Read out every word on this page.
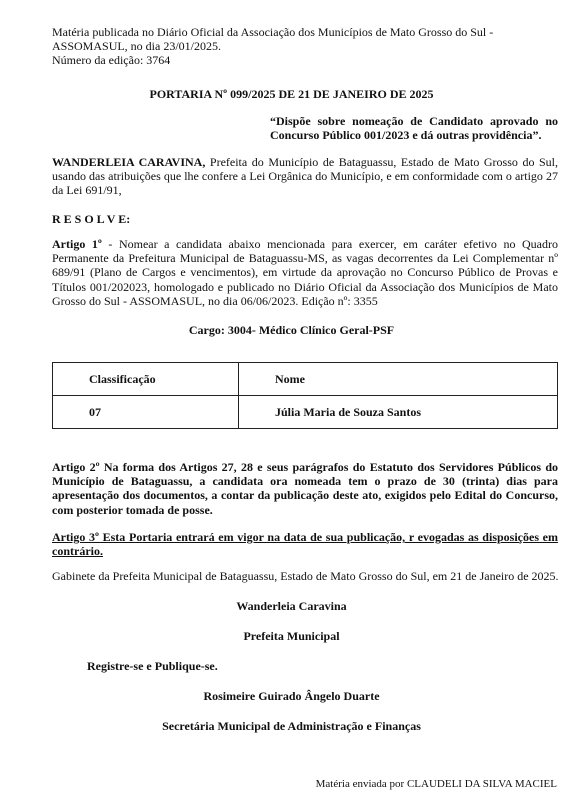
Matéria publicada no Diário Oficial da Associação dos Municípios de Mato Grosso do Sul -
ASSOMASUL, no dia 23/01/2025.
Número da edição: 3764
PORTARIA Nº 099/2025 DE 21 DE JANEIRO DE 2025
“Dispõe sobre nomeação de Candidato aprovado no Concurso Público 001/2023 e dá outras providência”.
WANDERLEIA CARAVINA, Prefeita do Município de Bataguassu, Estado de Mato Grosso do Sul, usando das atribuições que lhe confere a Lei Orgânica do Município, e em conformidade com o artigo 27 da Lei 691/91,
R E S O L V E:
Artigo 1º - Nomear a candidata abaixo mencionada para exercer, em caráter efetivo no Quadro Permanente da Prefeitura Municipal de Bataguassu-MS, as vagas decorrentes da Lei Complementar nº 689/91 (Plano de Cargos e vencimentos), em virtude da aprovação no Concurso Público de Provas e Títulos 001/202023, homologado e publicado no Diário Oficial da Associação dos Municípios de Mato Grosso do Sul - ASSOMASUL, no dia 06/06/2023. Edição nº: 3355
Cargo: 3004- Médico Clínico Geral-PSF
Classificação	Nome
07	Júlia Maria de Souza Santos
Artigo 2º Na forma dos Artigos 27, 28 e seus parágrafos do Estatuto dos Servidores Públicos do Município de Bataguassu, a candidata ora nomeada tem o prazo de 30 (trinta) dias para apresentação dos documentos, a contar da publicação deste ato, exigidos pelo Edital do Concurso, com posterior tomada de posse.
Artigo 3º Esta Portaria entrará em vigor na data de sua publicação, r evogadas as disposições em contrário.
Gabinete da Prefeita Municipal de Bataguassu, Estado de Mato Grosso do Sul, em 21 de Janeiro de 2025.
Wanderleia Caravina
Prefeita Municipal
Registre-se e Publique-se.
Rosimeire Guirado Ângelo Duarte
Secretária Municipal de Administração e Finanças
Matéria enviada por CLAUDELI DA SILVA MACIEL
